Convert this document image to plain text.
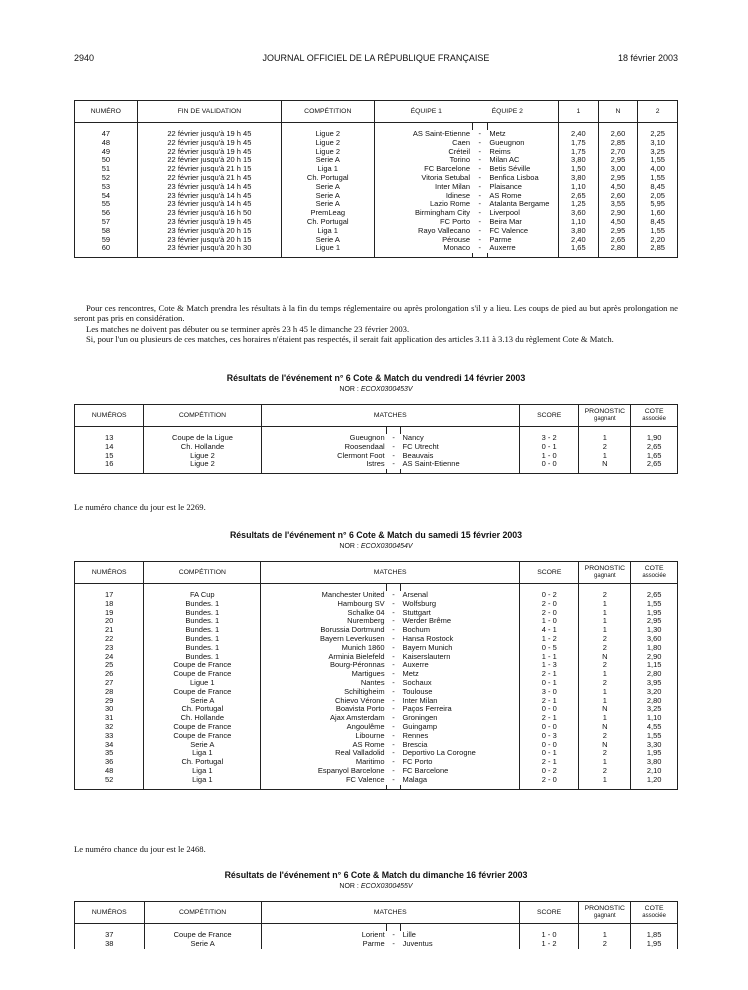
2940	JOURNAL OFFICIEL DE LA RÉPUBLIQUE FRANÇAISE	18 février 2003
NUMÉRO	FIN DE VALIDATION	COMPÉTITION	ÉQUIPE 1 ÉQUIPE 2			1	N	2

47	22 février jusqu'à 19 h 45	Ligue 2	AS Saint-Etienne	-	Metz	2,40	2,60	2,25
48	22 février jusqu'à 19 h 45	Ligue 2	Caen	-	Gueugnon	1,75	2,85	3,10
49	22 février jusqu'à 19 h 45	Ligue 2	Créteil	-	Reims	1,75	2,70	3,25
50	22 février jusqu'à 20 h 15	Serie A	Torino	-	Milan AC	3,80	2,95	1,55
51	22 février jusqu'à 21 h 15	Liga 1	FC Barcelone	-	Betis Séville	1,50	3,00	4,00
52	22 février jusqu'à 21 h 45	Ch. Portugal	Vitoria Setubal	-	Benfica Lisboa	3,80	2,95	1,55
53	23 février jusqu'à 14 h 45	Serie A	Inter Milan	-	Plaisance	1,10	4,50	8,45
54	23 février jusqu'à 14 h 45	Serie A	Idinese	-	AS Rome	2,65	2,60	2,05
55	23 février jusqu'à 14 h 45	Serie A	Lazio Rome	-	Atalanta Bergame	1,25	3,55	5,95
56	23 février jusqu'à 16 h 50	PremLeag	Birmingham City	-	Liverpool	3,60	2,90	1,60
57	23 février jusqu'à 19 h 45	Ch. Portugal	FC Porto	-	Beira Mar	1,10	4,50	8,45
58	23 février jusqu'à 20 h 15	Liga 1	Rayo Vallecano	-	FC Valence	3,80	2,95	1,55
59	23 février jusqu'à 20 h 15	Serie A	Pérouse	-	Parme	2,40	2,65	2,20
60	23 février jusqu'à 20 h 30	Ligue 1	Monaco	-	Auxerre	1,65	2,80	2,85

Pour ces rencontres, Cote & Match prendra les résultats à la fin du temps réglementaire ou après prolongation s'il y a lieu. Les coups de pied au but après prolongation ne seront pas pris en considération.

Les matches ne doivent pas débuter ou se terminer après 23 h 45 le dimanche 23 février 2003.

Si, pour l'un ou plusieurs de ces matches, ces horaires n'étaient pas respectés, il serait fait application des articles 3.11 à 3.13 du règlement Cote & Match.

Résultats de l'événement n° 6 Cote & Match du vendredi 14 février 2003
NOR : ECOX0300453V
NUMÉROS	COMPÉTITION	MATCHES			SCORE	PRONOSTIC
gagnant	COTE
associée

13	Coupe de la Ligue	Gueugnon	-	Nancy	3 - 2	1	1,90
14	Ch. Hollande	Roosendaal	-	FC Utrecht	0 - 1	2	2,65
15	Ligue 2	Clermont Foot	-	Beauvais	1 - 0	1	1,65
16	Ligue 2	Istres	-	AS Saint-Etienne	0 - 0	N	2,65

Le numéro chance du jour est le 2269.
Résultats de l'événement n° 6 Cote & Match du samedi 15 février 2003
NOR : ECOX0300454V
NUMÉROS	COMPÉTITION	MATCHES			SCORE	PRONOSTIC
gagnant	COTE
associée

17	FA Cup	Manchester United	-	Arsenal	0 - 2	2	2,65
18	Bundes. 1	Hambourg SV	-	Wolfsburg	2 - 0	1	1,55
19	Bundes. 1	Schalke 04	-	Stuttgart	2 - 0	1	1,95
20	Bundes. 1	Nuremberg	-	Werder Brême	1 - 0	1	2,95
21	Bundes. 1	Borussia Dortmund	-	Bochum	4 - 1	1	1,30
22	Bundes. 1	Bayern Leverkusen	-	Hansa Rostock	1 - 2	2	3,60
23	Bundes. 1	Munich 1860	-	Bayern Munich	0 - 5	2	1,80
24	Bundes. 1	Arminia Bielefeld	-	Kaiserslautern	1 - 1	N	2,90
25	Coupe de France	Bourg-Péronnas	-	Auxerre	1 - 3	2	1,15
26	Coupe de France	Martigues	-	Metz	2 - 1	1	2,80
27	Ligue 1	Nantes	-	Sochaux	0 - 1	2	3,95
28	Coupe de France	Schiltigheim	-	Toulouse	3 - 0	1	3,20
29	Serie A	Chievo Vérone	-	Inter Milan	2 - 1	1	2,80
30	Ch. Portugal	Boavista Porto	-	Paços Ferreira	0 - 0	N	3,25
31	Ch. Hollande	Ajax Amsterdam	-	Groningen	2 - 1	1	1,10
32	Coupe de France	Angoulême	-	Guingamp	0 - 0	N	4,55
33	Coupe de France	Libourne	-	Rennes	0 - 3	2	1,55
34	Serie A	AS Rome	-	Brescia	0 - 0	N	3,30
35	Liga 1	Real Valladolid	-	Deportivo La Corogne	0 - 1	2	1,95
36	Ch. Portugal	Maritimo	-	FC Porto	2 - 1	1	3,80
48	Liga 1	Espanyol Barcelone	-	FC Barcelone	0 - 2	2	2,10
52	Liga 1	FC Valence	-	Malaga	2 - 0	1	1,20

Le numéro chance du jour est le 2468.
Résultats de l'événement n° 6 Cote & Match du dimanche 16 février 2003
NOR : ECOX0300455V
NUMÉROS	COMPÉTITION	MATCHES			SCORE	PRONOSTIC
gagnant	COTE
associée

37	Coupe de France	Lorient	-	Lille	1 - 0	1	1,85
38	Serie A	Parme	-	Juventus	1 - 2	2	1,95
